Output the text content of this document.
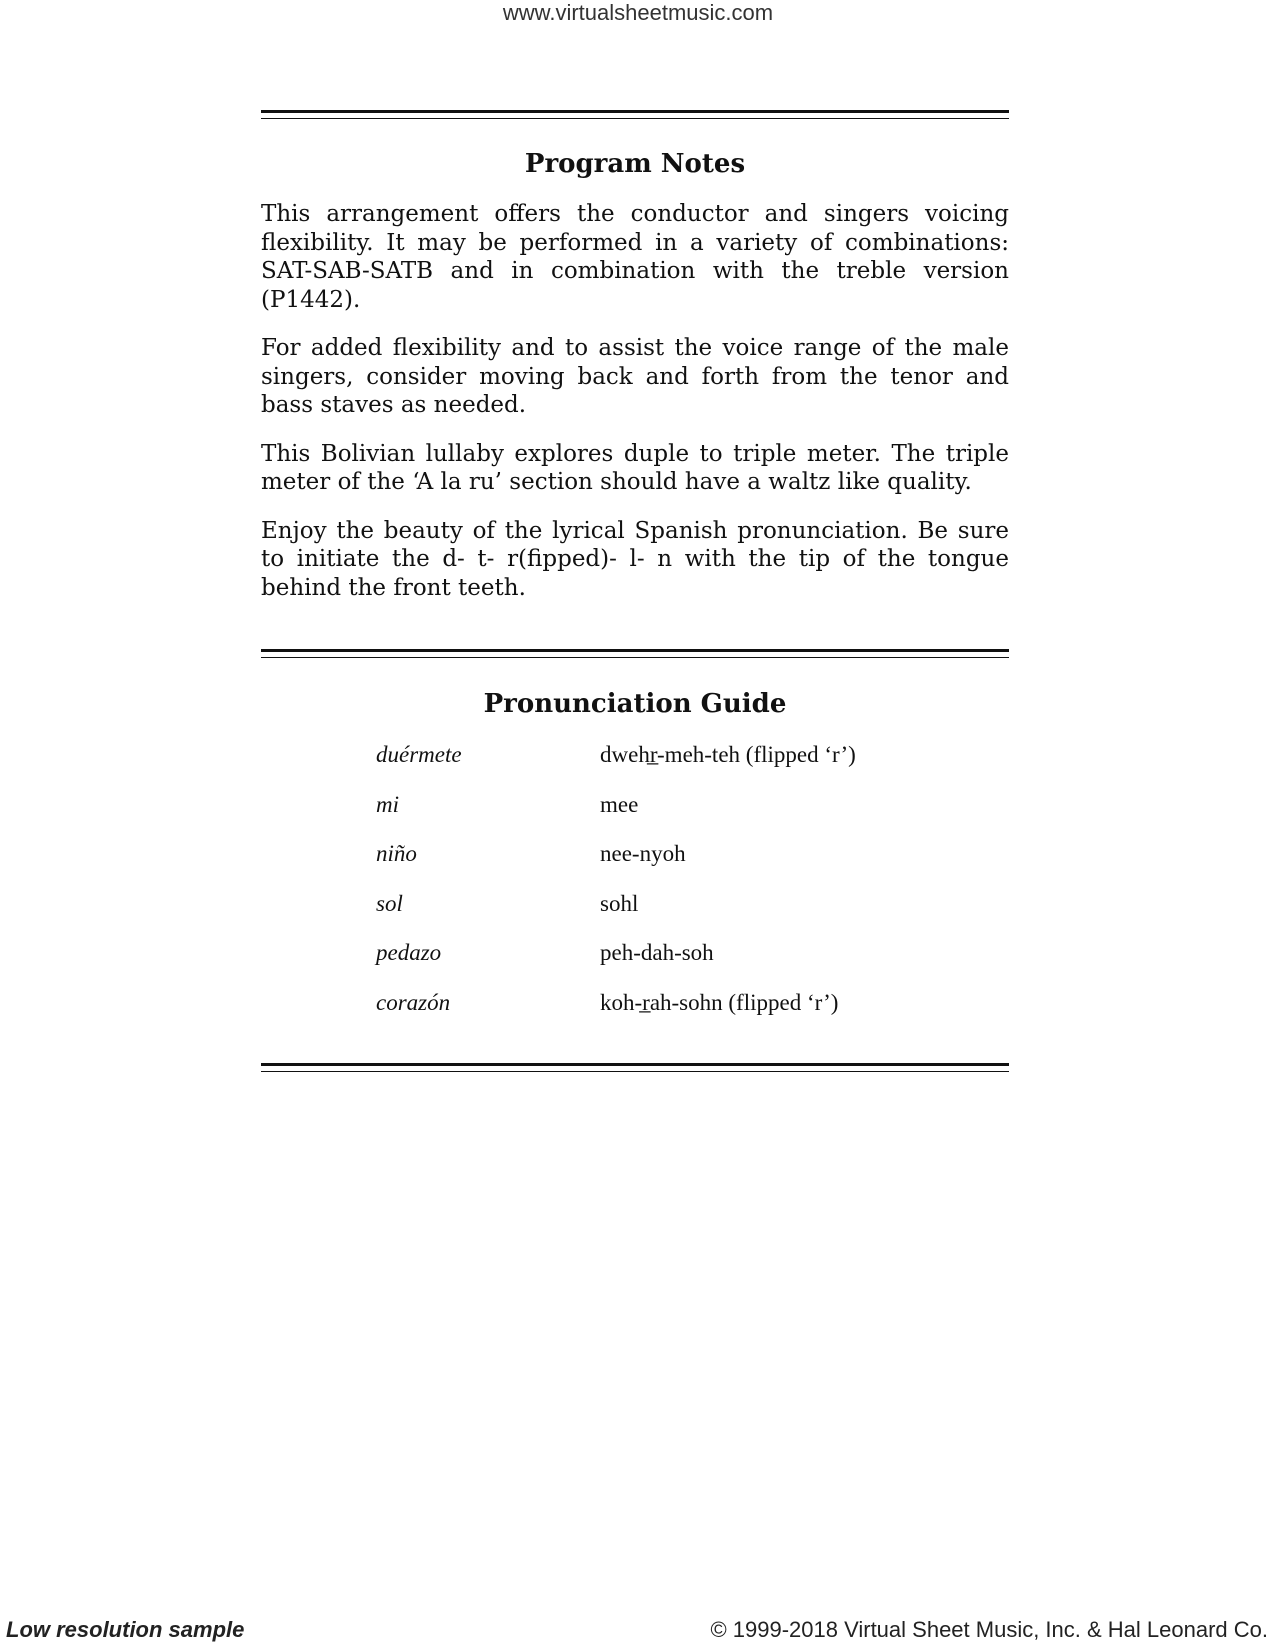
www.virtualsheetmusic.com
Program Notes

This arrangement offers the conductor and singers voicing flexibility. It may be performed in a variety of combinations: SAT-SAB-SATB and in combination with the treble version (P1442).

For added flexibility and to assist the voice range of the male singers, consider moving back and forth from the tenor and bass staves as needed.

This Bolivian lullaby explores duple to triple meter. The triple meter of the ‘A la ru’ section should have a waltz like quality.

Enjoy the beauty of the lyrical Spanish pronunciation. Be sure to initiate the d- t- r(fipped)- l- n with the tip of the tongue behind the front teeth.

Pronunciation Guide
duérmete	dwehr̲-meh-teh (flipped ‘r’)
mi	mee
niño	nee-nyoh
sol	sohl
pedazo	peh-dah-soh
corazón	koh-r̲ah-sohn (flipped ‘r’)
Low resolution sample	© 1999-2018 Virtual Sheet Music, Inc. & Hal Leonard Co.
